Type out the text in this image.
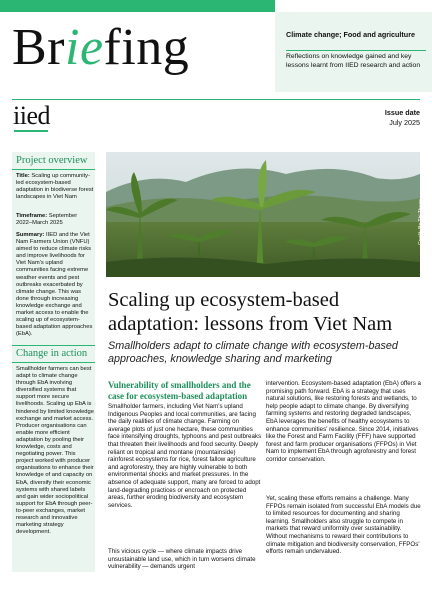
Briefing	Climate change; Food and agriculture
Reflections on knowledge gained and key lessons learnt from IIED research and action
iied	Issue date
July 2025
Project overview
Title: Scaling up community-led ecosystem-based adaptation in biodiverse forest landscapes in Viet Nam
Timeframe: September 2022–March 2025
Summary: IIED and the Viet Nam Farmers Union (VNFU) aimed to reduce climate risks and improve livelihoods for Viet Nam's upland communities facing extreme weather events and pest outbreaks exacerbated by climate change. This was done through increasing knowledge exchange and market access to enable the scaling up of ecosystem-based adaptation approaches (EbA).
Change in action
Smallholder farmers can best adapt to climate change through EbA involving diversified systems that support more secure livelihoods. Scaling up EbA is hindered by limited knowledge exchange and market access. Producer organisations can enable more efficient adaptation by pooling their knowledge, costs and negotiating power. This project worked with producer organisations to enhance their knowledge of and capacity on EbA, diversify their economic systems with shared labels and gain wider sociopolitical support for EbA through peer-to-peer exchanges, market research and innovative marketing strategy development.
Credit: Bo Thi Thuan
Scaling up ecosystem-based adaptation: lessons from Viet Nam
Smallholders adapt to climate change with ecosystem-based approaches, knowledge sharing and marketing
Vulnerability of smallholders and the case for ecosystem-based adaptation
Smallholder farmers, including Viet Nam's upland Indigenous Peoples and local communities, are facing the daily realities of climate change. Farming on average plots of just one hectare, these communities face intensifying droughts, typhoons and pest outbreaks that threaten their livelihoods and food security. Deeply reliant on tropical and montane (mountainside) rainforest ecosystems for rice, forest fallow agriculture and agroforestry, they are highly vulnerable to both environmental shocks and market pressures. In the absence of adequate support, many are forced to adopt land-degrading practices or encroach on protected areas, further eroding biodiversity and ecosystem services.
This vicious cycle — where climate impacts drive unsustainable land use, which in turn worsens climate vulnerability — demands urgent
intervention. Ecosystem-based adaptation (EbA) offers a promising path forward. EbA is a strategy that uses natural solutions, like restoring forests and wetlands, to help people adapt to climate change. By diversifying farming systems and restoring degraded landscapes, EbA leverages the benefits of healthy ecosystems to enhance communities' resilience. Since 2014, initiatives like the Forest and Farm Facility (FFF) have supported forest and farm producer organisations (FFPOs) in Viet Nam to implement EbA through agroforestry and forest corridor conservation.
Yet, scaling these efforts remains a challenge. Many FFPOs remain isolated from successful EbA models due to limited resources for documenting and sharing learning. Smallholders also struggle to compete in markets that reward uniformity over sustainability. Without mechanisms to reward their contributions to climate mitigation and biodiversity conservation, FFPOs' efforts remain undervalued.
